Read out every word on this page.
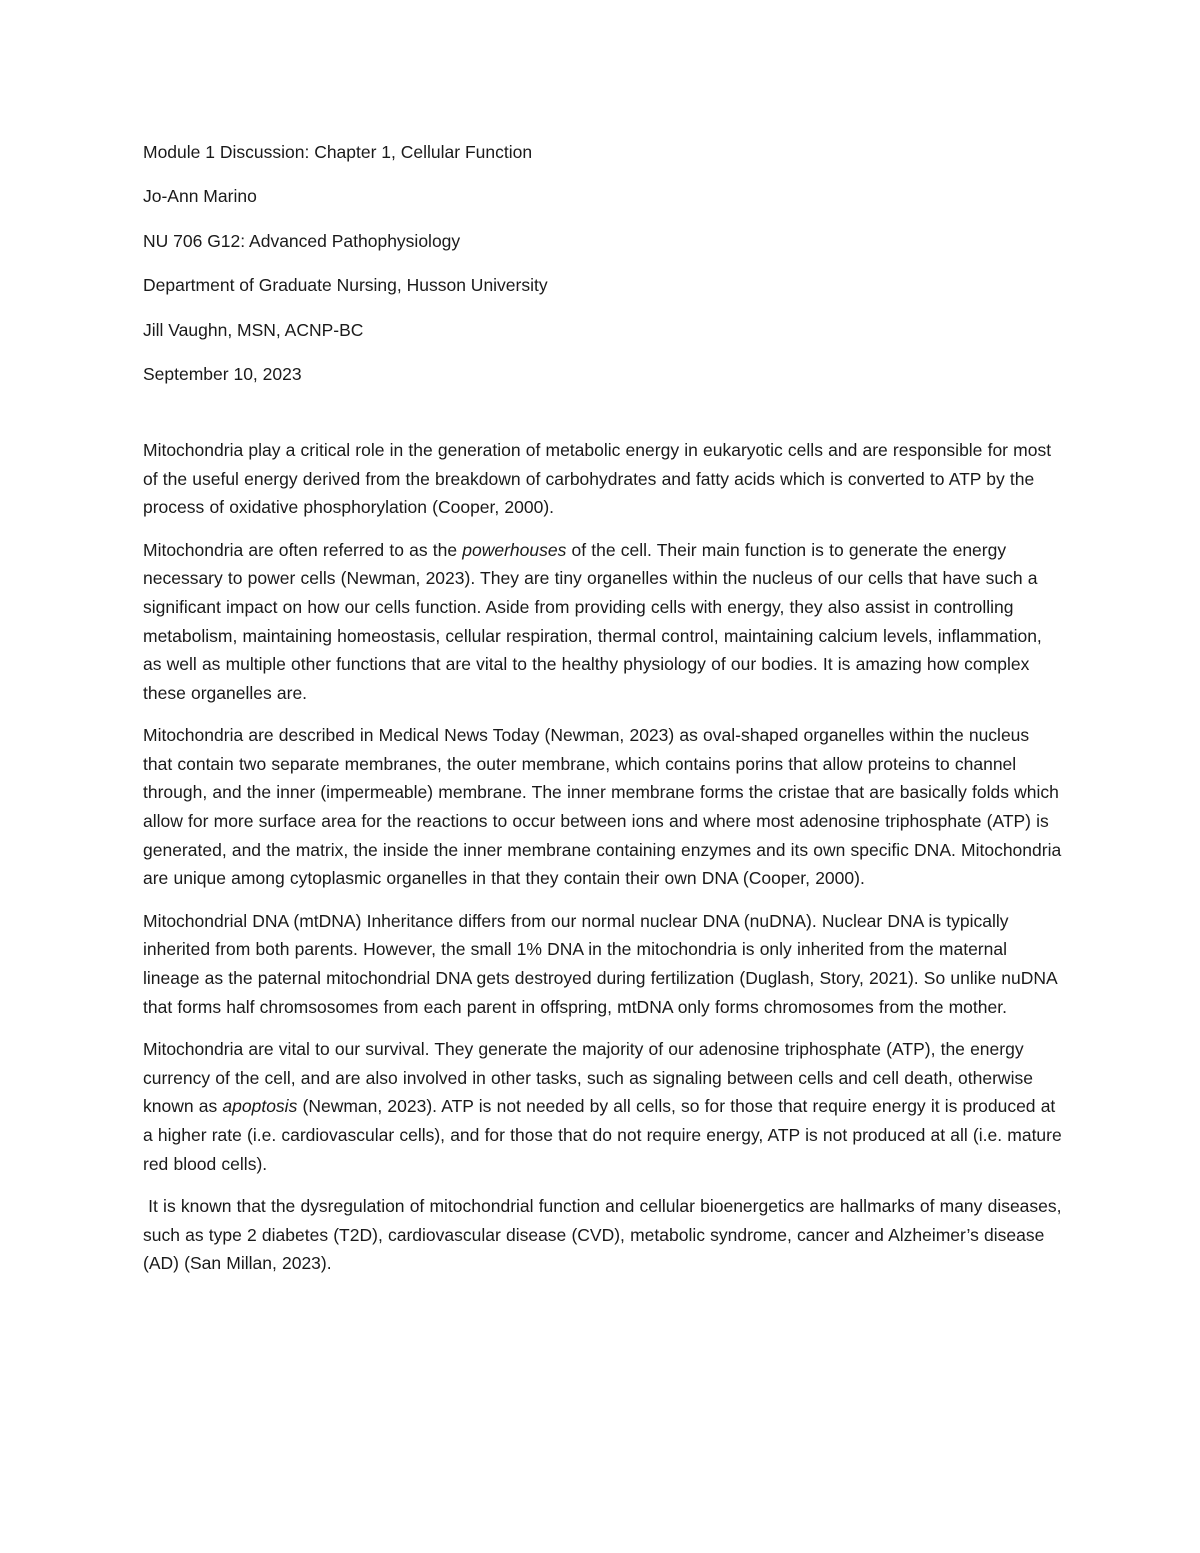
Module 1 Discussion: Chapter 1, Cellular Function
Jo-Ann Marino
NU 706 G12: Advanced Pathophysiology
Department of Graduate Nursing, Husson University
Jill Vaughn, MSN, ACNP-BC
September 10, 2023

Mitochondria play a critical role in the generation of metabolic energy in eukaryotic cells and are responsible for most of the useful energy derived from the breakdown of carbohydrates and fatty acids which is converted to ATP by the process of oxidative phosphorylation (Cooper, 2000).

Mitochondria are often referred to as the powerhouses of the cell. Their main function is to generate the energy necessary to power cells (Newman, 2023). They are tiny organelles within the nucleus of our cells that have such a significant impact on how our cells function. Aside from providing cells with energy, they also assist in controlling metabolism, maintaining homeostasis, cellular respiration, thermal control, maintaining calcium levels, inflammation, as well as multiple other functions that are vital to the healthy physiology of our bodies. It is amazing how complex these organelles are.

Mitochondria are described in Medical News Today (Newman, 2023) as oval-shaped organelles within the nucleus that contain two separate membranes, the outer membrane, which contains porins that allow proteins to channel through, and the inner (impermeable) membrane. The inner membrane forms the cristae that are basically folds which allow for more surface area for the reactions to occur between ions and where most adenosine triphosphate (ATP) is generated, and the matrix, the inside the inner membrane containing enzymes and its own specific DNA. Mitochondria are unique among cytoplasmic organelles in that they contain their own DNA (Cooper, 2000).

Mitochondrial DNA (mtDNA) Inheritance differs from our normal nuclear DNA (nuDNA). Nuclear DNA is typically inherited from both parents. However, the small 1% DNA in the mitochondria is only inherited from the maternal lineage as the paternal mitochondrial DNA gets destroyed during fertilization (Duglash, Story, 2021). So unlike nuDNA that forms half chromsosomes from each parent in offspring, mtDNA only forms chromosomes from the mother.

Mitochondria are vital to our survival. They generate the majority of our adenosine triphosphate (ATP), the energy currency of the cell, and are also involved in other tasks, such as signaling between cells and cell death, otherwise known as apoptosis (Newman, 2023). ATP is not needed by all cells, so for those that require energy it is produced at a higher rate (i.e. cardiovascular cells), and for those that do not require energy, ATP is not produced at all (i.e. mature red blood cells).

It is known that the dysregulation of mitochondrial function and cellular bioenergetics are hallmarks of many diseases, such as type 2 diabetes (T2D), cardiovascular disease (CVD), metabolic syndrome, cancer and Alzheimer’s disease (AD) (San Millan, 2023).
